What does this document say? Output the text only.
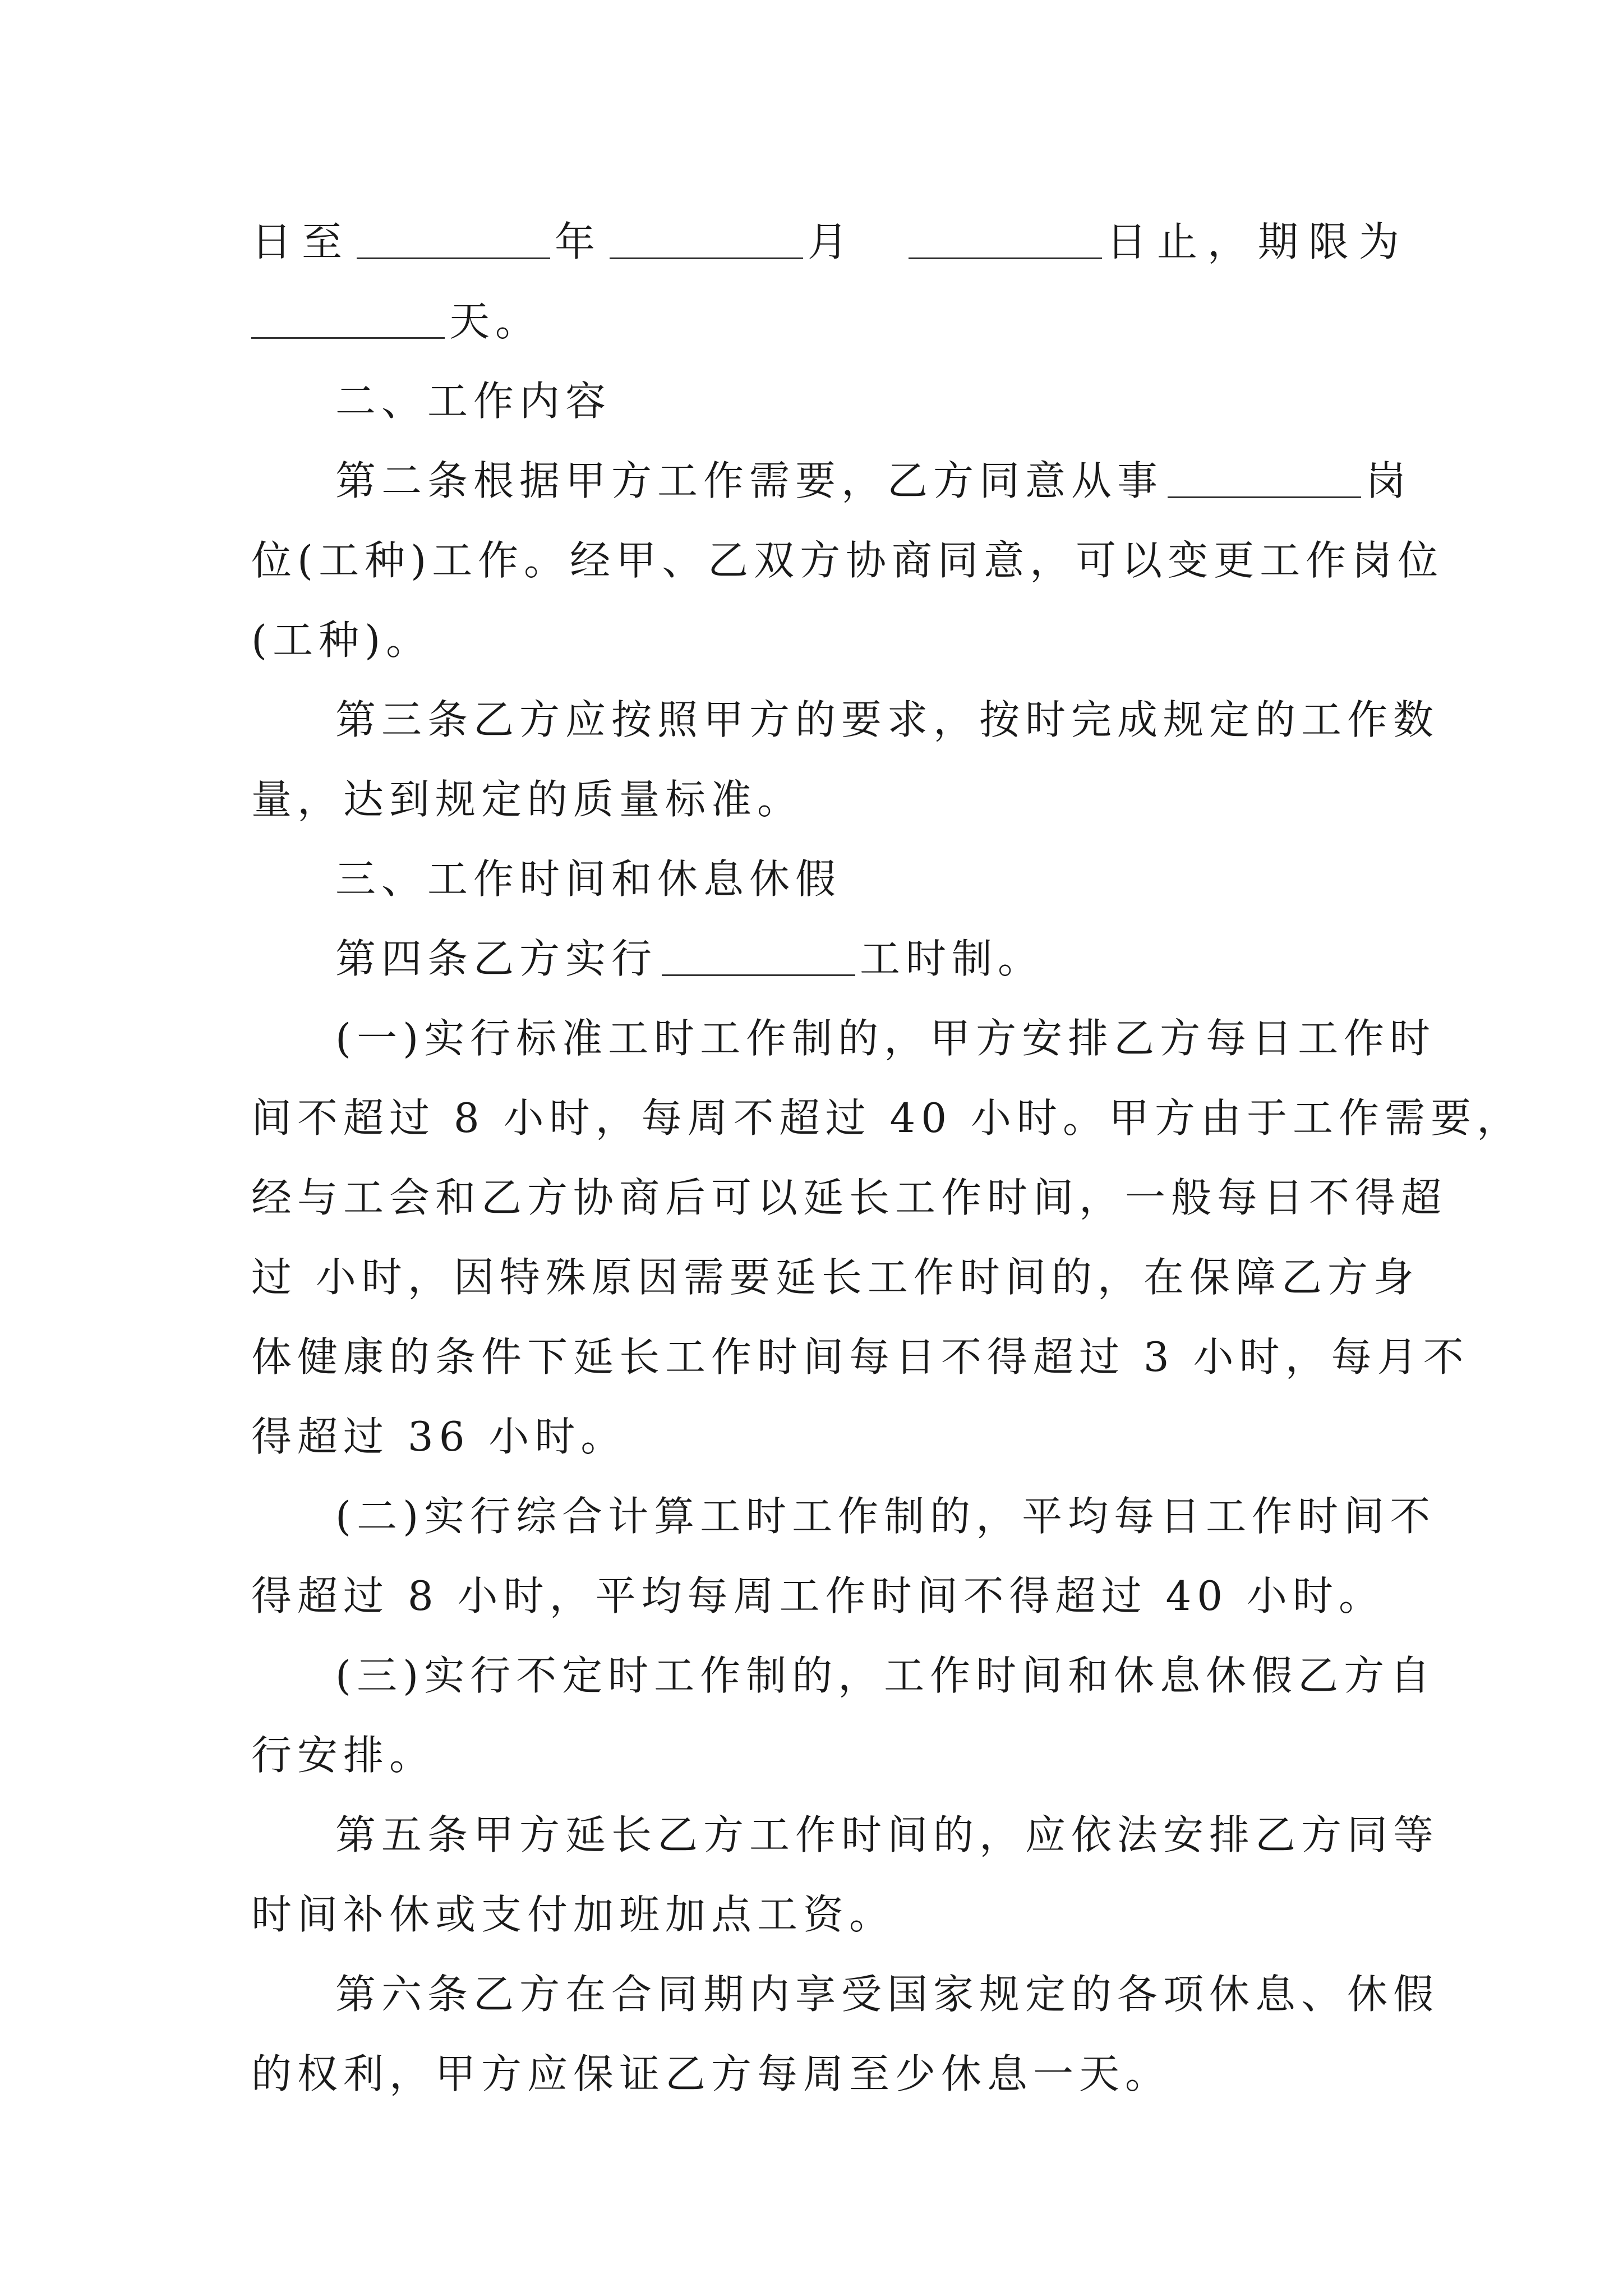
日至	年	月	日止，期限为
天。
二、工作内容
第二条根据甲方工作需要，乙方同意从事	岗
位(工种)工作。经甲、乙双方协商同意，可以变更工作岗位
(工种)。
第三条乙方应按照甲方的要求，按时完成规定的工作数
量，达到规定的质量标准。
三、工作时间和休息休假
第四条乙方实行	工时制。
(一)实行标准工时工作制的，甲方安排乙方每日工作时
间不超过 8 小时，每周不超过 40 小时。甲方由于工作需要，
经与工会和乙方协商后可以延长工作时间，一般每日不得超
过 小时，因特殊原因需要延长工作时间的，在保障乙方身
体健康的条件下延长工作时间每日不得超过 3 小时，每月不
得超过 36 小时。
(二)实行综合计算工时工作制的，平均每日工作时间不
得超过 8 小时，平均每周工作时间不得超过 40 小时。
(三)实行不定时工作制的，工作时间和休息休假乙方自
行安排。
第五条甲方延长乙方工作时间的，应依法安排乙方同等
时间补休或支付加班加点工资。
第六条乙方在合同期内享受国家规定的各项休息、休假
的权利，甲方应保证乙方每周至少休息一天。
